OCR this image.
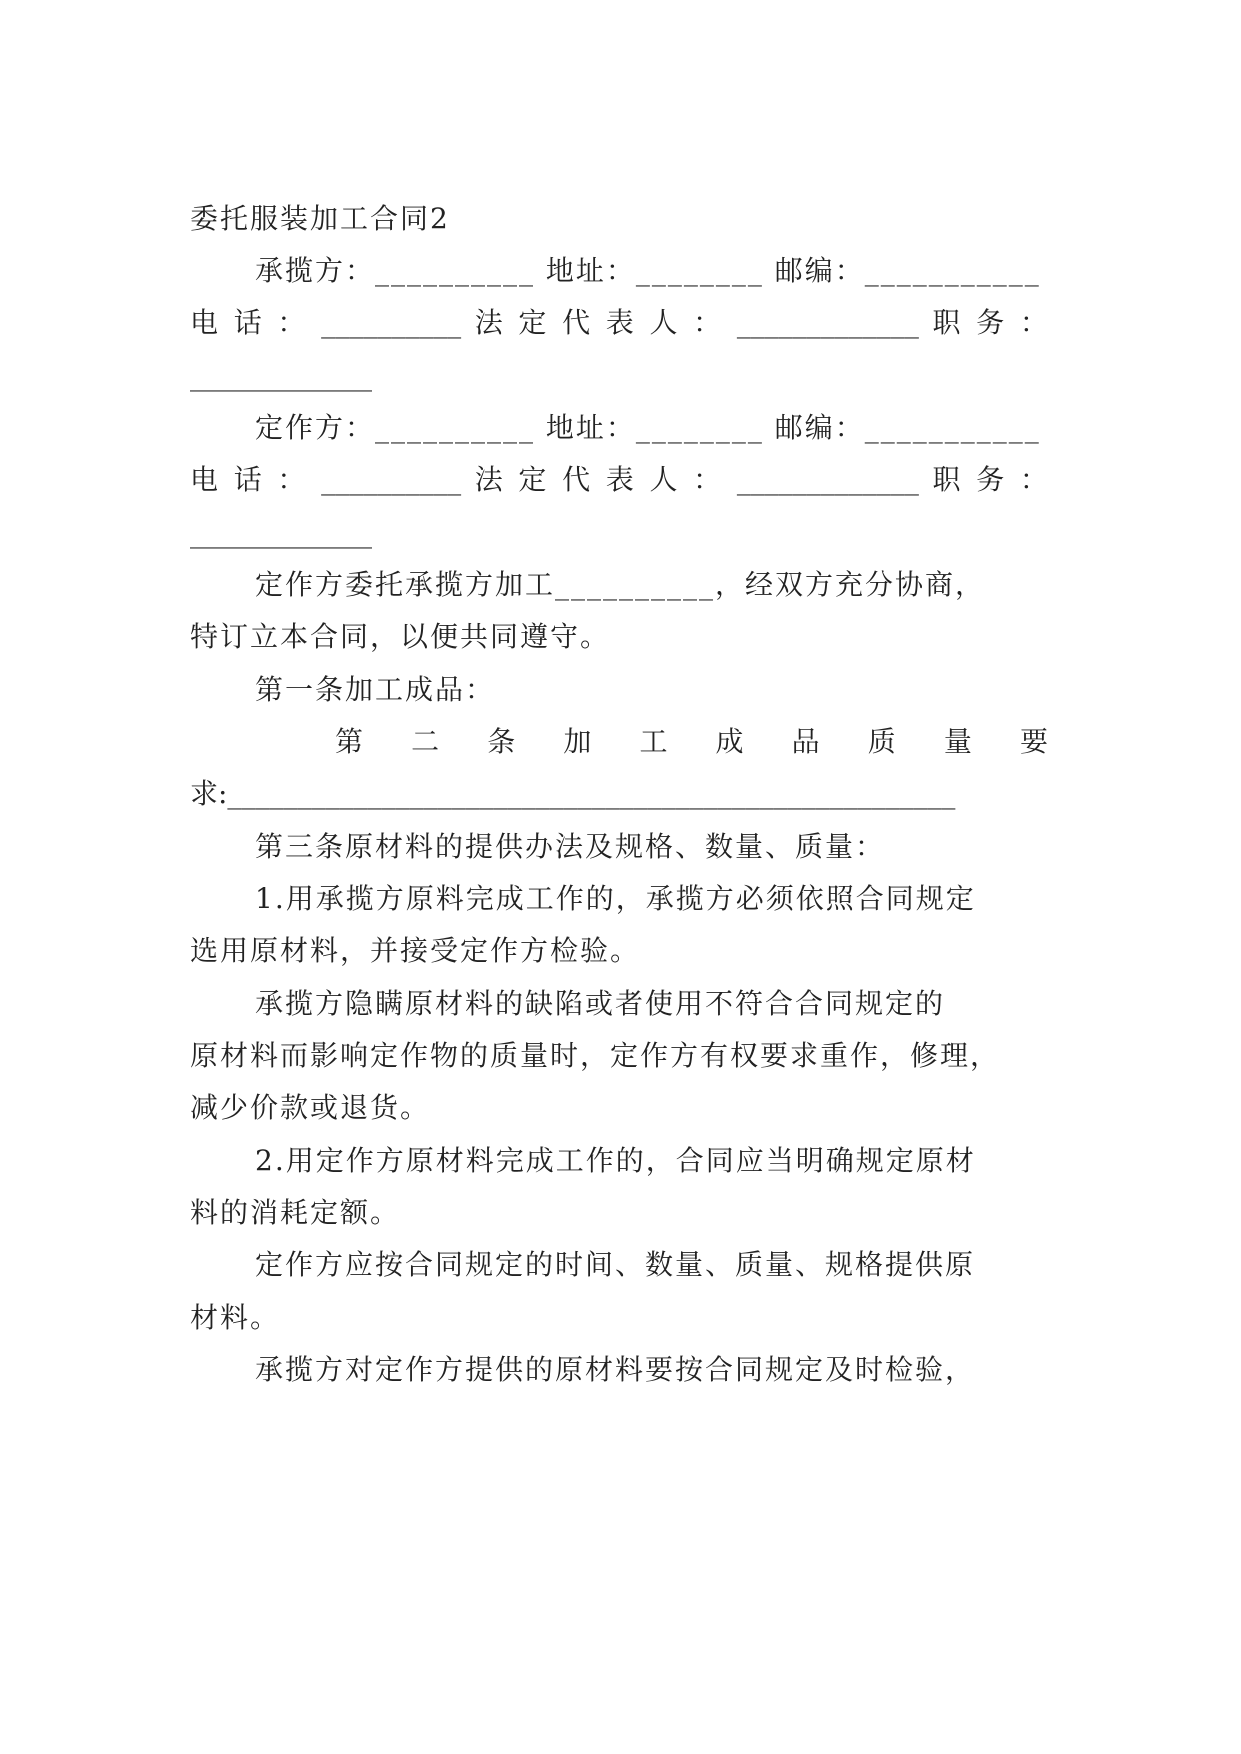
委托服装加工合同2
承揽方：__________ 地址：________ 邮编：___________
电 话 ： __________ 法 定 代 表 人 ： _____________ 职 务 ：
_____________
定作方：__________ 地址：________ 邮编：___________
电 话 ： __________ 法 定 代 表 人 ： _____________ 职 务 ：
_____________
定作方委托承揽方加工__________，经双方充分协商，
特订立本合同，以便共同遵守。
第一条加工成品：
第 二 条 加 工 成 品 质 量 要
求:____________________________________________________
第三条原材料的提供办法及规格、数量、质量：
1.用承揽方原料完成工作的，承揽方必须依照合同规定
选用原材料，并接受定作方检验。
承揽方隐瞒原材料的缺陷或者使用不符合合同规定的
原材料而影响定作物的质量时，定作方有权要求重作，修理，
减少价款或退货。
2.用定作方原材料完成工作的，合同应当明确规定原材
料的消耗定额。
定作方应按合同规定的时间、数量、质量、规格提供原
材料。
承揽方对定作方提供的原材料要按合同规定及时检验，
